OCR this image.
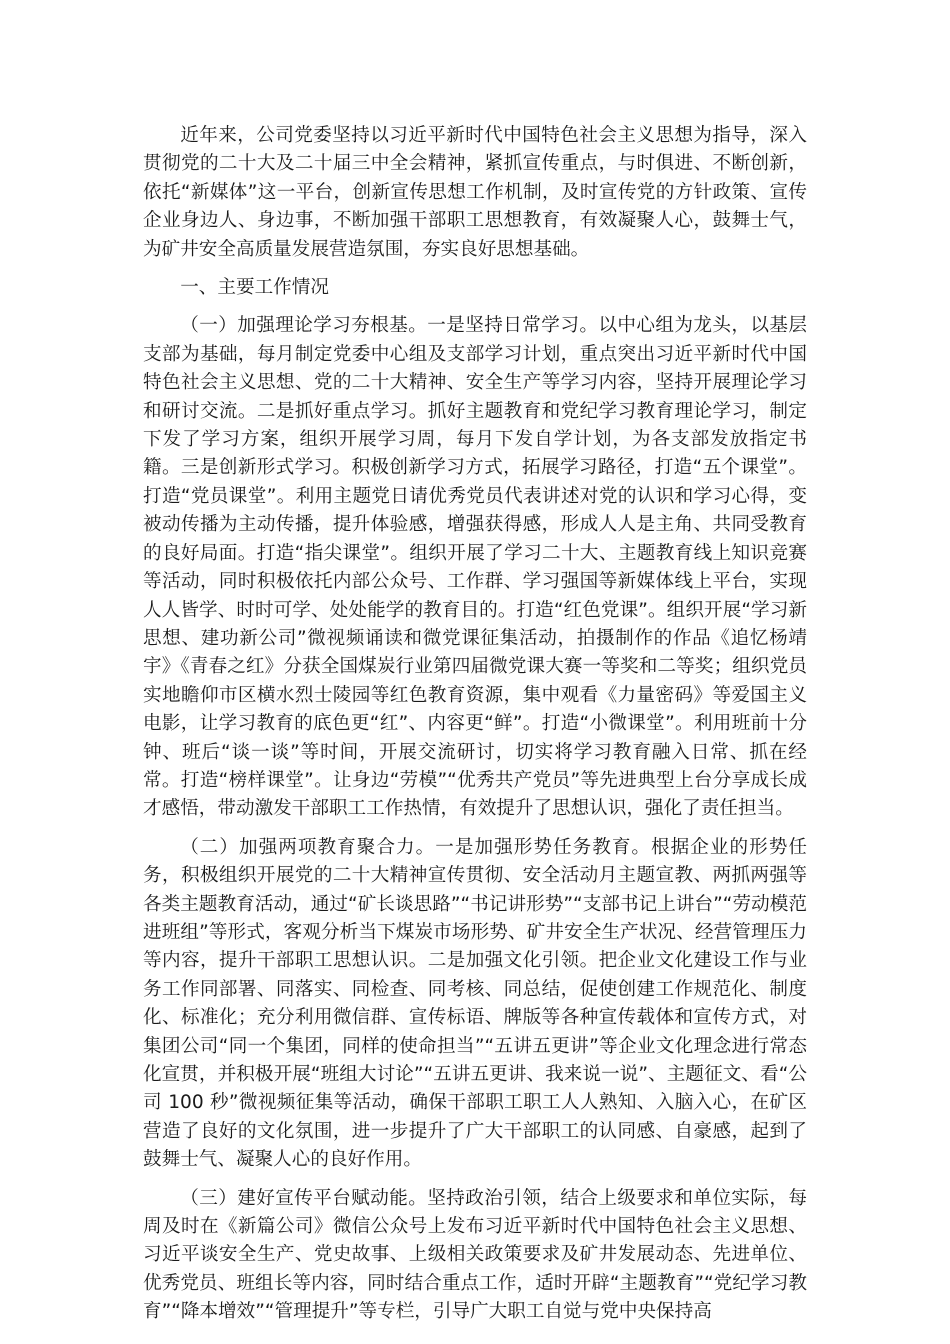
近年来，公司党委坚持以习近平新时代中国特色社会主义思想为指导，深入贯彻党的二十大及二十届三中全会精神，紧抓宣传重点，与时俱进、不断创新，依托“新媒体”这一平台，创新宣传思想工作机制，及时宣传党的方针政策、宣传企业身边人、身边事，不断加强干部职工思想教育，有效凝聚人心，鼓舞士气，为矿井安全高质量发展营造氛围，夯实良好思想基础。

一、主要工作情况

（一）加强理论学习夯根基。一是坚持日常学习。以中心组为龙头，以基层支部为基础，每月制定党委中心组及支部学习计划，重点突出习近平新时代中国特色社会主义思想、党的二十大精神、安全生产等学习内容，坚持开展理论学习和研讨交流。二是抓好重点学习。抓好主题教育和党纪学习教育理论学习，制定下发了学习方案，组织开展学习周，每月下发自学计划，为各支部发放指定书籍。三是创新形式学习。积极创新学习方式，拓展学习路径，打造“五个课堂”。打造“党员课堂”。利用主题党日请优秀党员代表讲述对党的认识和学习心得，变被动传播为主动传播，提升体验感，增强获得感，形成人人是主角、共同受教育的良好局面。打造“指尖课堂”。组织开展了学习二十大、主题教育线上知识竞赛等活动，同时积极依托内部公众号、工作群、学习强国等新媒体线上平台，实现人人皆学、时时可学、处处能学的教育目的。打造“红色党课”。组织开展“学习新思想、建功新公司”微视频诵读和微党课征集活动，拍摄制作的作品《追忆杨靖宇》《青春之红》分获全国煤炭行业第四届微党课大赛一等奖和二等奖；组织党员实地瞻仰市区横水烈士陵园等红色教育资源，集中观看《力量密码》等爱国主义电影，让学习教育的底色更“红”、内容更“鲜”。打造“小微课堂”。利用班前十分钟、班后“谈一谈”等时间，开展交流研讨，切实将学习教育融入日常、抓在经常。打造“榜样课堂”。让身边“劳模”“优秀共产党员”等先进典型上台分享成长成才感悟，带动激发干部职工工作热情，有效提升了思想认识，强化了责任担当。

（二）加强两项教育聚合力。一是加强形势任务教育。根据企业的形势任务，积极组织开展党的二十大精神宣传贯彻、安全活动月主题宣教、两抓两强等各类主题教育活动，通过“矿长谈思路”“书记讲形势”“支部书记上讲台”“劳动模范进班组”等形式，客观分析当下煤炭市场形势、矿井安全生产状况、经营管理压力等内容，提升干部职工思想认识。二是加强文化引领。把企业文化建设工作与业务工作同部署、同落实、同检查、同考核、同总结，促使创建工作规范化、制度化、标准化；充分利用微信群、宣传标语、牌版等各种宣传载体和宣传方式，对集团公司“同一个集团，同样的使命担当”“五讲五更讲”等企业文化理念进行常态化宣贯，并积极开展“班组大讨论”“五讲五更讲、我来说一说”、主题征文、看“公司 100 秒”微视频征集等活动，确保干部职工职工人人熟知、入脑入心，在矿区营造了良好的文化氛围，进一步提升了广大干部职工的认同感、自豪感，起到了鼓舞士气、凝聚人心的良好作用。

（三）建好宣传平台赋动能。坚持政治引领，结合上级要求和单位实际，每周及时在《新篇公司》微信公众号上发布习近平新时代中国特色社会主义思想、习近平谈安全生产、党史故事、上级相关政策要求及矿井发展动态、先进单位、优秀党员、班组长等内容，同时结合重点工作，适时开辟“主题教育”“党纪学习教育”“降本增效”“管理提升”等专栏，引导广大职工自觉与党中央保持高
